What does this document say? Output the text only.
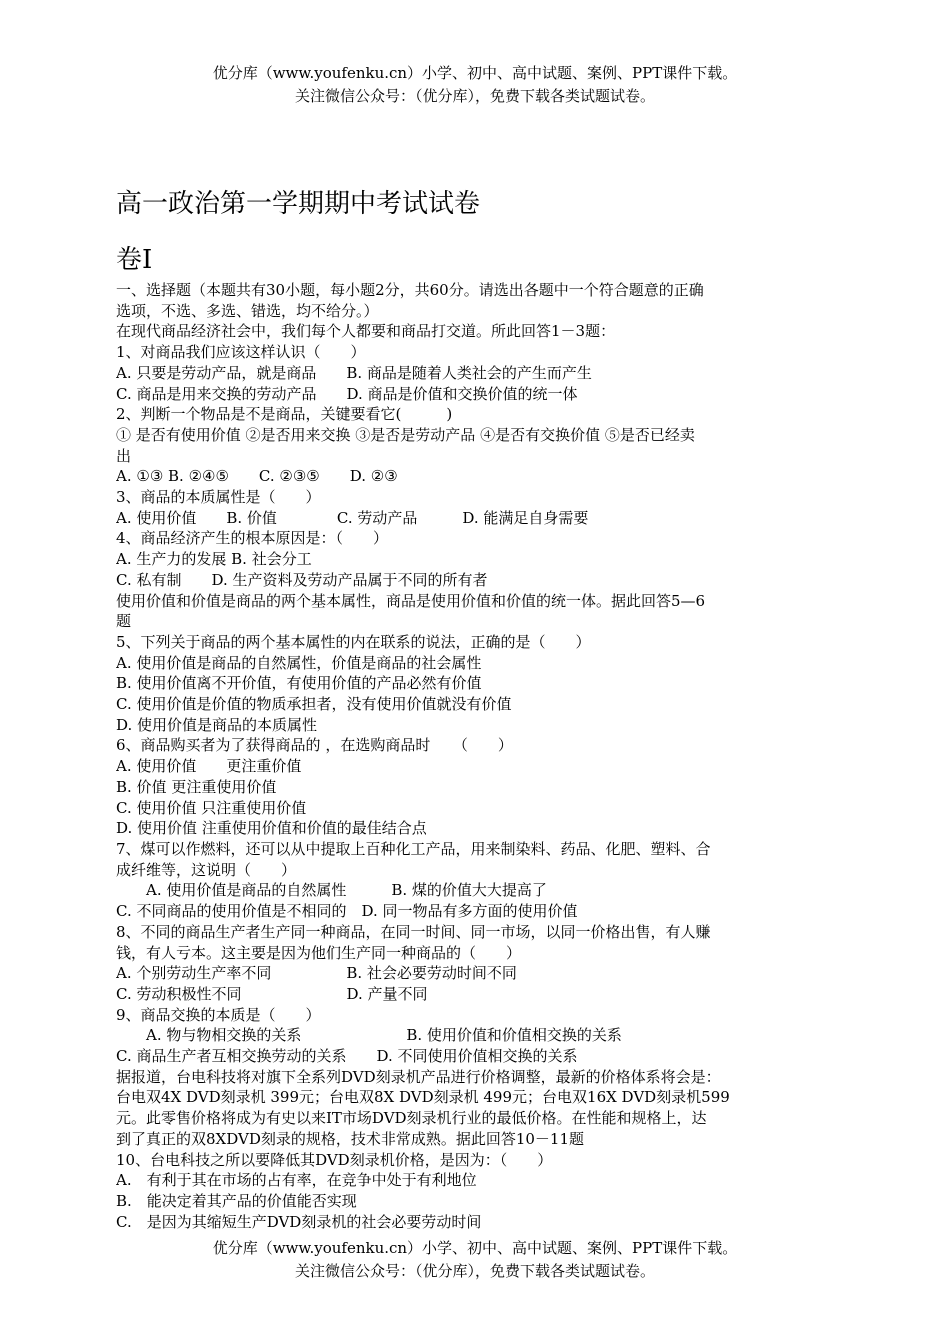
优分库（www.youfenku.cn）小学、初中、高中试题、案例、PPT课件下载。

关注微信公众号：（优分库），免费下载各类试题试卷。

高一政治第一学期期中考试试卷
卷Ⅰ

一、选择题（本题共有30小题，每小题2分，共60分。请选出各题中一个符合题意的正确

选项，不选、多选、错选，均不给分。）

在现代商品经济社会中，我们每个人都要和商品打交道。所此回答1－3题：

1、对商品我们应该这样认识（　　）

A. 只要是劳动产品，就是商品　　B. 商品是随着人类社会的产生而产生

C. 商品是用来交换的劳动产品　　D. 商品是价值和交换价值的统一体

2、判断一个物品是不是商品，关键要看它(　　　)

① 是否有使用价值 ②是否用来交换 ③是否是劳动产品 ④是否有交换价值 ⑤是否已经卖

出

A. ①③ B. ②④⑤　　C. ②③⑤　　D. ②③

3、商品的本质属性是（　　）

A. 使用价值　　B. 价值　　　　C. 劳动产品　　　D. 能满足自身需要

4、商品经济产生的根本原因是：（　　）

A. 生产力的发展 B. 社会分工

C. 私有制　　D. 生产资料及劳动产品属于不同的所有者

使用价值和价值是商品的两个基本属性，商品是使用价值和价值的统一体。据此回答5—6

题

5、下列关于商品的两个基本属性的内在联系的说法，正确的是（　　）

A. 使用价值是商品的自然属性，价值是商品的社会属性

B. 使用价值离不开价值，有使用价值的产品必然有价值

C. 使用价值是价值的物质承担者，没有使用价值就没有价值

D. 使用价值是商品的本质属性

6、商品购买者为了获得商品的 ，在选购商品时　　（　　）

A. 使用价值　　更注重价值

B. 价值 更注重使用价值

C. 使用价值 只注重使用价值

D. 使用价值 注重使用价值和价值的最佳结合点

7、煤可以作燃料，还可以从中提取上百种化工产品，用来制染料、药品、化肥、塑料、合

成纤维等，这说明（　　）

　　A. 使用价值是商品的自然属性　　　B. 煤的价值大大提高了

C. 不同商品的使用价值是不相同的　D. 同一物品有多方面的使用价值

8、不同的商品生产者生产同一种商品，在同一时间、同一市场，以同一价格出售，有人赚

钱，有人亏本。这主要是因为他们生产同一种商品的（　　）

A. 个别劳动生产率不同　　　　　B. 社会必要劳动时间不同

C. 劳动积极性不同　　　　　　　D. 产量不同

9、商品交换的本质是（　　）

　　A. 物与物相交换的关系　　　　　　　B. 使用价值和价值相交换的关系

C. 商品生产者互相交换劳动的关系　　D. 不同使用价值相交换的关系

据报道，台电科技将对旗下全系列DVD刻录机产品进行价格调整，最新的价格体系将会是：

台电双4X DVD刻录机 399元；台电双8X DVD刻录机 499元；台电双16X DVD刻录机599

元。此零售价格将成为有史以来IT市场DVD刻录机行业的最低价格。在性能和规格上，达

到了真正的双8XDVD刻录的规格，技术非常成熟。据此回答10－11题

10、台电科技之所以要降低其DVD刻录机价格，是因为：（　　）

A.　有利于其在市场的占有率，在竞争中处于有利地位

B.　能决定着其产品的价值能否实现

C.　是因为其缩短生产DVD刻录机的社会必要劳动时间

优分库（www.youfenku.cn）小学、初中、高中试题、案例、PPT课件下载。

关注微信公众号：（优分库），免费下载各类试题试卷。
